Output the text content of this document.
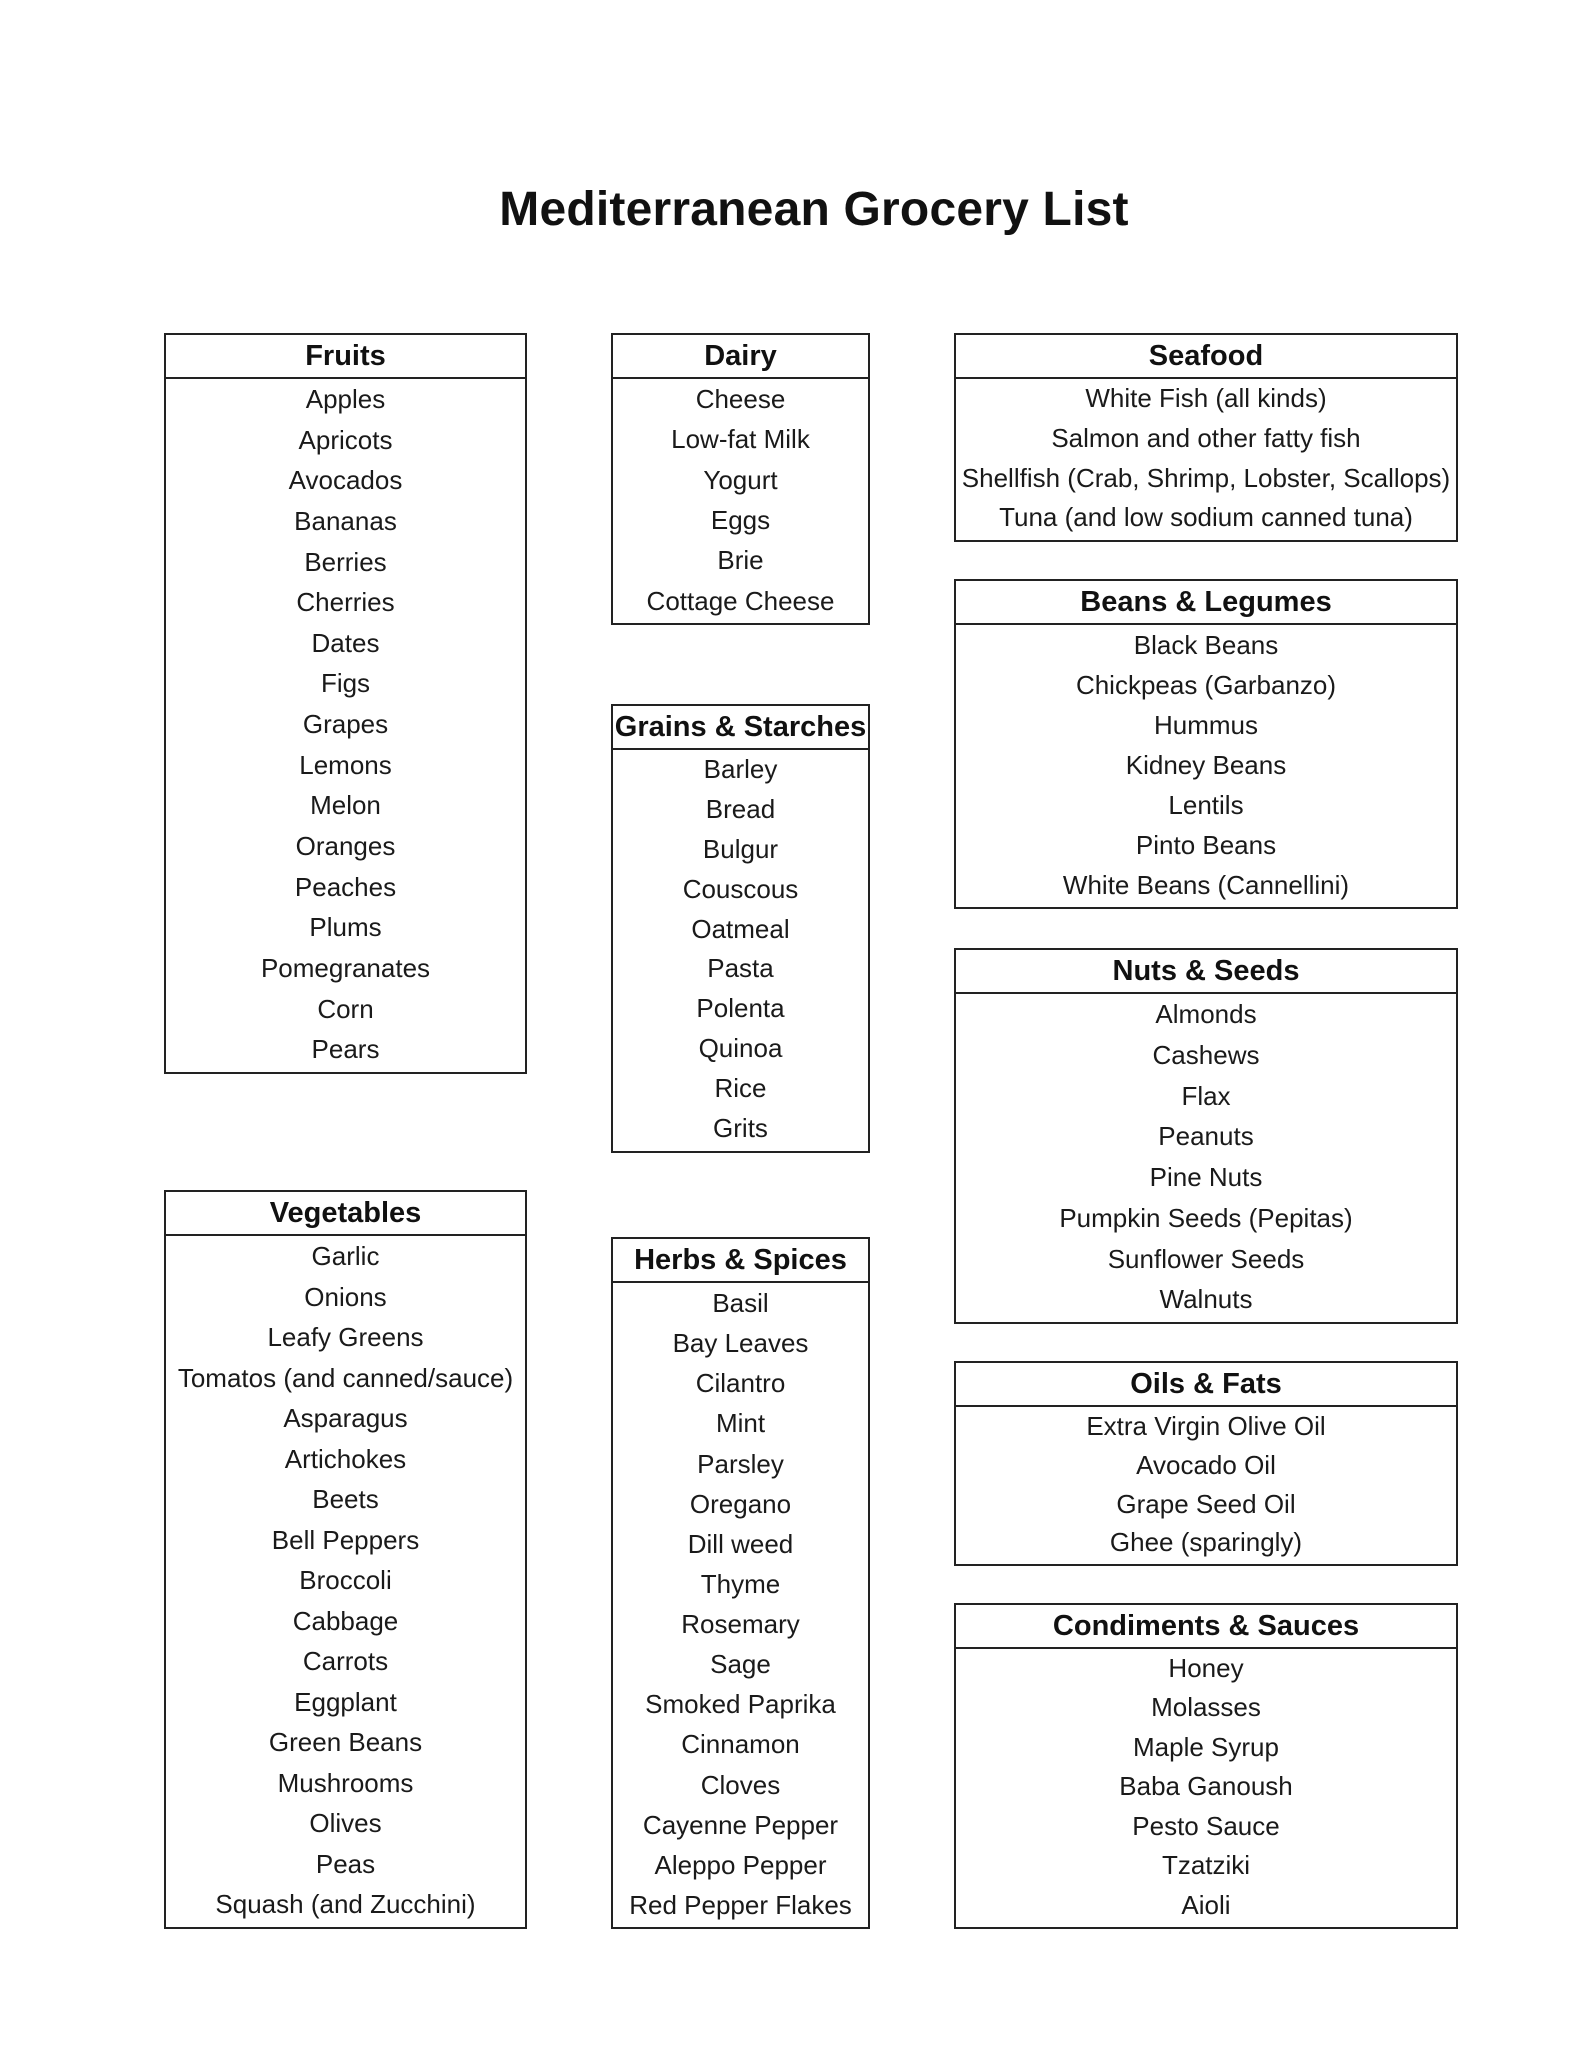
Mediterranean Grocery List
Fruits
Apples
Apricots
Avocados
Bananas
Berries
Cherries
Dates
Figs
Grapes
Lemons
Melon
Oranges
Peaches
Plums
Pomegranates
Corn
Pears
Vegetables
Garlic
Onions
Leafy Greens
Tomatos (and canned/sauce)
Asparagus
Artichokes
Beets
Bell Peppers
Broccoli
Cabbage
Carrots
Eggplant
Green Beans
Mushrooms
Olives
Peas
Squash (and Zucchini)
Dairy
Cheese
Low-fat Milk
Yogurt
Eggs
Brie
Cottage Cheese
Grains & Starches
Barley
Bread
Bulgur
Couscous
Oatmeal
Pasta
Polenta
Quinoa
Rice
Grits
Herbs & Spices
Basil
Bay Leaves
Cilantro
Mint
Parsley
Oregano
Dill weed
Thyme
Rosemary
Sage
Smoked Paprika
Cinnamon
Cloves
Cayenne Pepper
Aleppo Pepper
Red Pepper Flakes
Seafood
White Fish (all kinds)
Salmon and other fatty fish
Shellfish (Crab, Shrimp, Lobster, Scallops)
Tuna (and low sodium canned tuna)
Beans & Legumes
Black Beans
Chickpeas (Garbanzo)
Hummus
Kidney Beans
Lentils
Pinto Beans
White Beans (Cannellini)
Nuts & Seeds
Almonds
Cashews
Flax
Peanuts
Pine Nuts
Pumpkin Seeds (Pepitas)
Sunflower Seeds
Walnuts
Oils & Fats
Extra Virgin Olive Oil
Avocado Oil
Grape Seed Oil
Ghee (sparingly)
Condiments & Sauces
Honey
Molasses
Maple Syrup
Baba Ganoush
Pesto Sauce
Tzatziki
Aioli
